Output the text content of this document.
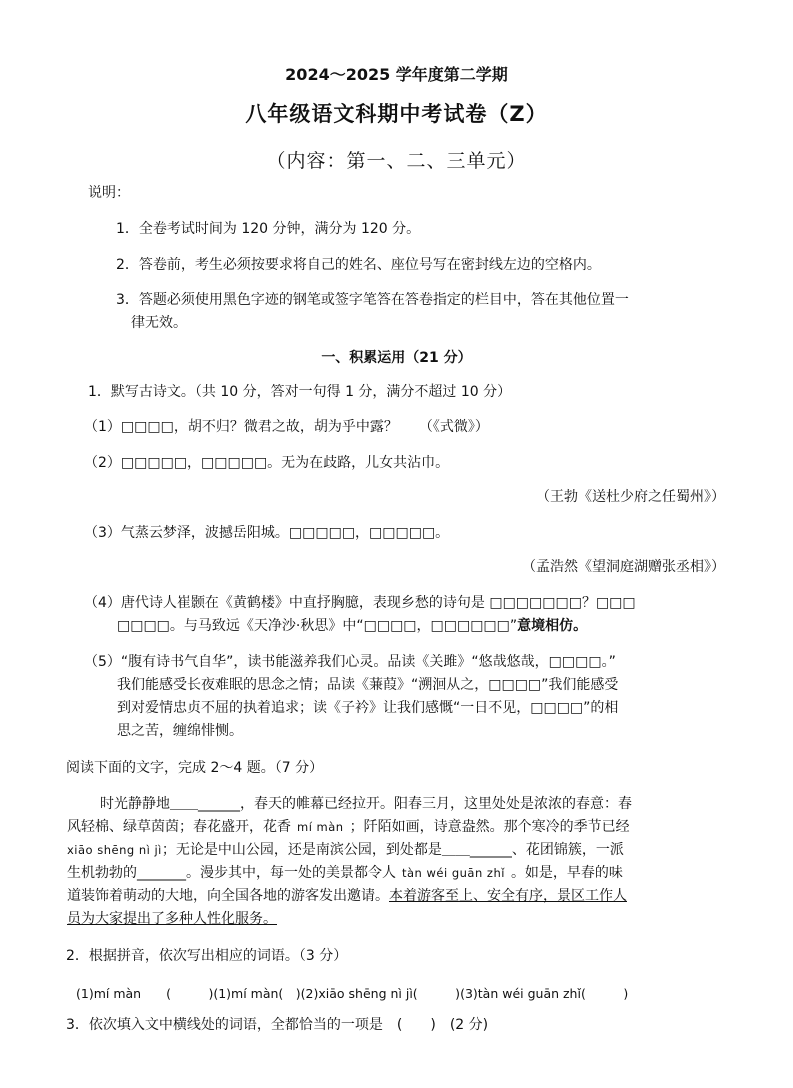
2024～2025 学年度第二学期
八年级语文科期中考试卷（Z）
（内容：第一、二、三单元）
说明：
1．全卷考试时间为 120 分钟，满分为 120 分。
2．答卷前，考生必须按要求将自己的姓名、座位号写在密封线左边的空格内。
3．答题必须使用黑色字迹的钢笔或签字笔答在答卷指定的栏目中，答在其他位置一
律无效。
一、积累运用（21 分）
1．默写古诗文。（共 10 分，答对一句得 1 分，满分不超过 10 分）
（1）□□□□，胡不归？微君之故，胡为乎中露？　　（《式微》）
（2）□□□□□，□□□□□。无为在歧路，儿女共沾巾。
（王勃《送杜少府之任蜀州》）
（3）气蒸云梦泽，波撼岳阳城。□□□□□，□□□□□。
（孟浩然《望洞庭湖赠张丞相》）
（4）唐代诗人崔颢在《黄鹤楼》中直抒胸臆，表现乡愁的诗句是 □□□□□□□？□□□
□□□□。与马致远《天净沙·秋思》中“□□□□，□□□□□□”意境相仿。
（5）“腹有诗书气自华”，读书能滋养我们心灵。品读《关雎》“悠哉悠哉，□□□□。”
我们能感受长夜难眠的思念之情；品读《蒹葭》“溯洄从之，□□□□”我们能感受
到对爱情忠贞不屈的执着追求；读《子衿》让我们感慨“一日不见，□□□□”的相
思之苦，缠绵悱恻。
阅读下面的文字，完成 2～4 题。（7 分）
时光静静地＿＿______，春天的帷幕已经拉开。阳春三月，这里处处是浓浓的春意：春
风轻棉、绿草茵茵；春花盛开，花香 mí màn ；阡陌如画，诗意盎然。那个寒冷的季节已经
xiāo shēng nì jì；无论是中山公园，还是南滨公园，到处都是＿＿______、花团锦簇，一派
生机勃勃的_______。漫步其中，每一处的美景都令人 tàn wéi guān zhǐ 。如是，早春的味
道装饰着萌动的大地，向全国各地的游客发出邀请。本着游客至上、安全有序，景区工作人
员为大家提出了多种人性化服务。
2．根据拼音，依次写出相应的词语。（3 分）
(1)mí màn　　(　　　)(1)mí màn(　)(2)xiāo shēng nì jì(　　　)(3)tàn wéi guān zhǐ(　　　)
3．依次填入文中横线处的词语，全都恰当的一项是　(　　)　(2 分)
